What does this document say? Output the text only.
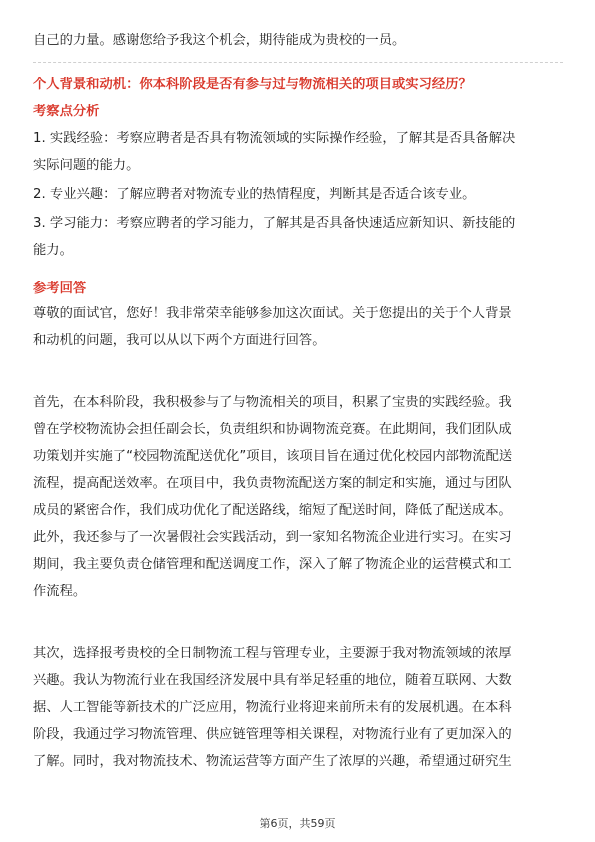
自己的力量。感谢您给予我这个机会，期待能成为贵校的一员。
个人背景和动机：你本科阶段是否有参与过与物流相关的项目或实习经历？
考察点分析
1. 实践经验：考察应聘者是否具有物流领域的实际操作经验，了解其是否具备解决
实际问题的能力。
2. 专业兴趣：了解应聘者对物流专业的热情程度，判断其是否适合该专业。
3. 学习能力：考察应聘者的学习能力，了解其是否具备快速适应新知识、新技能的
能力。
参考回答
尊敬的面试官，您好！我非常荣幸能够参加这次面试。关于您提出的关于个人背景
和动机的问题，我可以从以下两个方面进行回答。
首先，在本科阶段，我积极参与了与物流相关的项目，积累了宝贵的实践经验。我
曾在学校物流协会担任副会长，负责组织和协调物流竞赛。在此期间，我们团队成
功策划并实施了“校园物流配送优化”项目，该项目旨在通过优化校园内部物流配送
流程，提高配送效率。在项目中，我负责物流配送方案的制定和实施，通过与团队
成员的紧密合作，我们成功优化了配送路线，缩短了配送时间，降低了配送成本。
此外，我还参与了一次暑假社会实践活动，到一家知名物流企业进行实习。在实习
期间，我主要负责仓储管理和配送调度工作，深入了解了物流企业的运营模式和工
作流程。
其次，选择报考贵校的全日制物流工程与管理专业，主要源于我对物流领域的浓厚
兴趣。我认为物流行业在我国经济发展中具有举足轻重的地位，随着互联网、大数
据、人工智能等新技术的广泛应用，物流行业将迎来前所未有的发展机遇。在本科
阶段，我通过学习物流管理、供应链管理等相关课程，对物流行业有了更加深入的
了解。同时，我对物流技术、物流运营等方面产生了浓厚的兴趣，希望通过研究生
第6页，共59页
